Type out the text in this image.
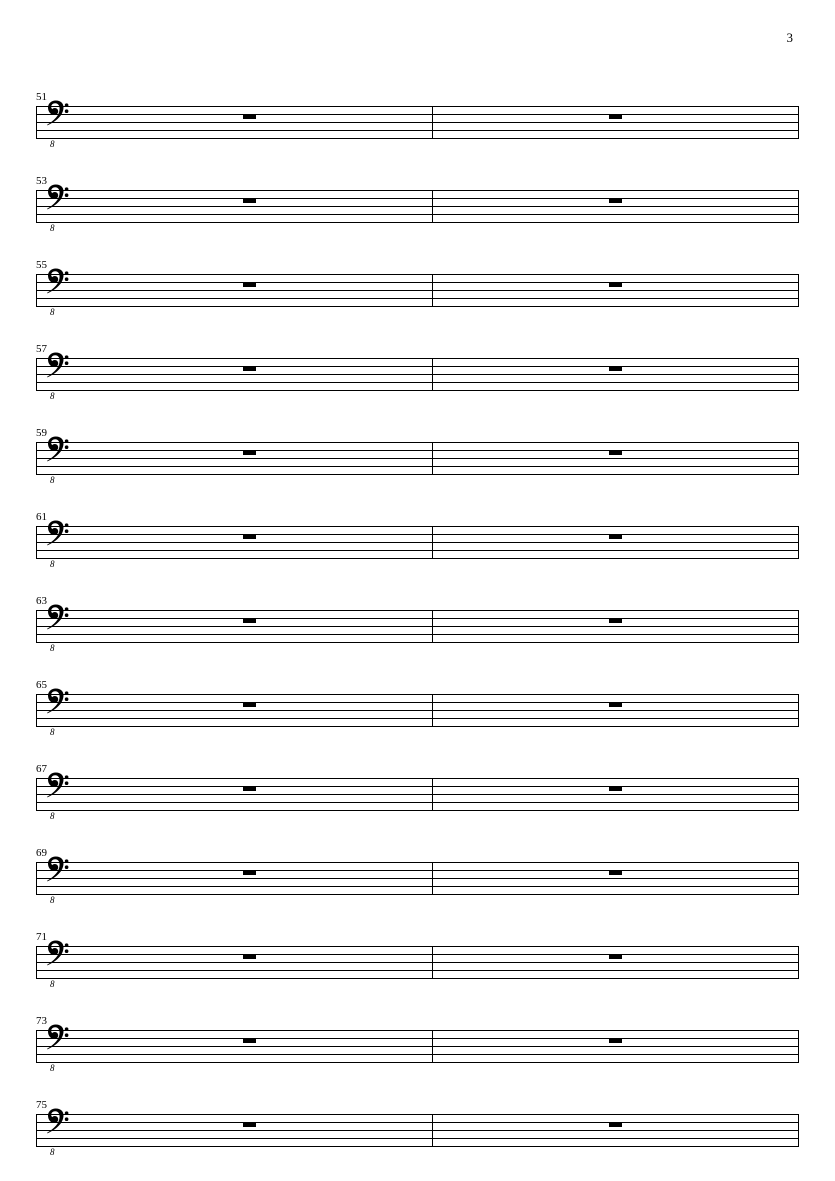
3
51
8
53
8
55
8
57
8
59
8
61
8
63
8
65
8
67
8
69
8
71
8
73
8
75
8
